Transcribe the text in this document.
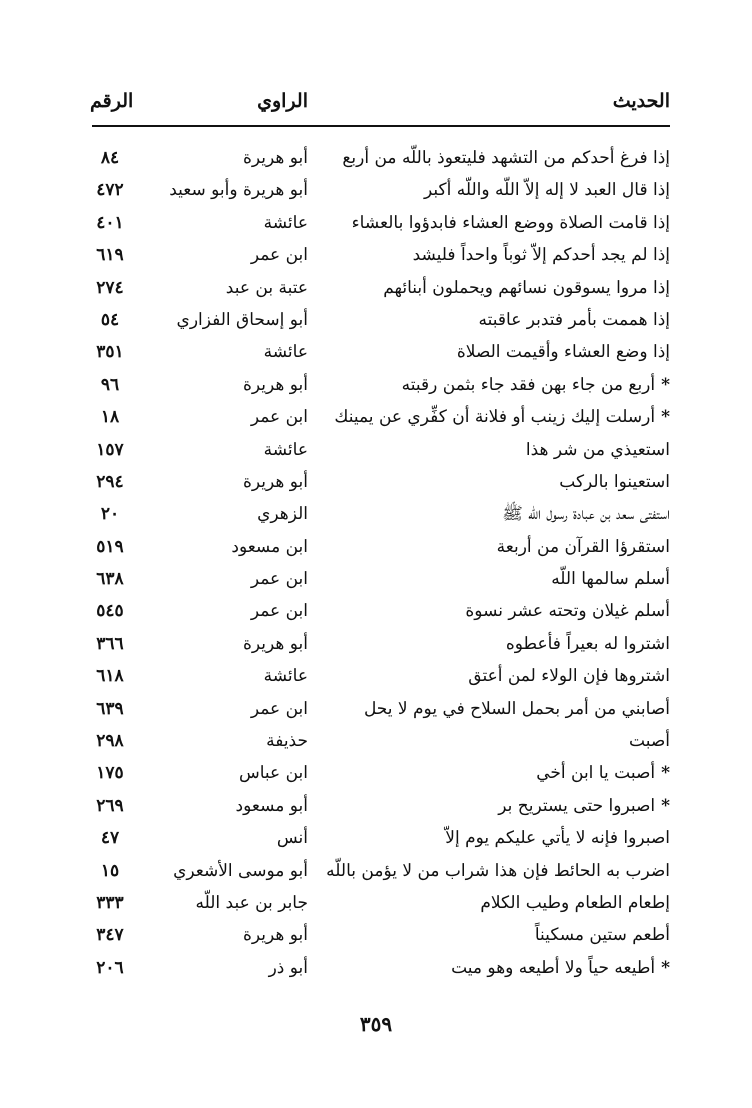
الحديث
الراوي
الرقم
إذا فرغ أحدكم من التشهد فليتعوذ باللّه من أربع
أبو هريرة
٨٤
إذا قال العبد لا إله إلاّ اللّه واللّه أكبر
أبو هريرة وأبو سعيد
٤٧٢
إذا قامت الصلاة ووضع العشاء فابدؤوا بالعشاء
عائشة
٤٠١
إذا لم يجد أحدكم إلاّ ثوباً واحداً فليشد
ابن عمر
٦١٩
إذا مروا يسوقون نسائهم ويحملون أبنائهم
عتبة بن عبد
٢٧٤
إذا هممت بأمر فتدبر عاقبته
أبو إسحاق الفزاري
٥٤
إذا وضع العشاء وأقيمت الصلاة
عائشة
٣٥١
*أربع من جاء بهن فقد جاء بثمن رقبته
أبو هريرة
٩٦
*أرسلت إليك زينب أو فلانة أن كفِّري عن يمينك
ابن عمر
١٨
استعيذي من شر هذا
عائشة
١٥٧
استعينوا بالركب
أبو هريرة
٢٩٤
استفتى سعد بن عبادة رسول اللّه ﷺ
الزهري
٢٠
استقرؤا القرآن من أربعة
ابن مسعود
٥١٩
أسلم سالمها اللّه
ابن عمر
٦٣٨
أسلم غيلان وتحته عشر نسوة
ابن عمر
٥٤٥
اشتروا له بعيراً فأعطوه
أبو هريرة
٣٦٦
اشتروها فإن الولاء لمن أعتق
عائشة
٦١٨
أصابني من أمر بحمل السلاح في يوم لا يحل
ابن عمر
٦٣٩
أصبت
حذيفة
٢٩٨
*أصبت يا ابن أخي
ابن عباس
١٧٥
*اصبروا حتى يستريح بر
أبو مسعود
٢٦٩
اصبروا فإنه لا يأتي عليكم يوم إلاّ
أنس
٤٧
اضرب به الحائط فإن هذا شراب من لا يؤمن باللّه
أبو موسى الأشعري
١٥
إطعام الطعام وطيب الكلام
جابر بن عبد اللّه
٣٣٣
أطعم ستين مسكيناً
أبو هريرة
٣٤٧
*أطيعه حياً ولا أطيعه وهو ميت
أبو ذر
٢٠٦
٣٥٩
